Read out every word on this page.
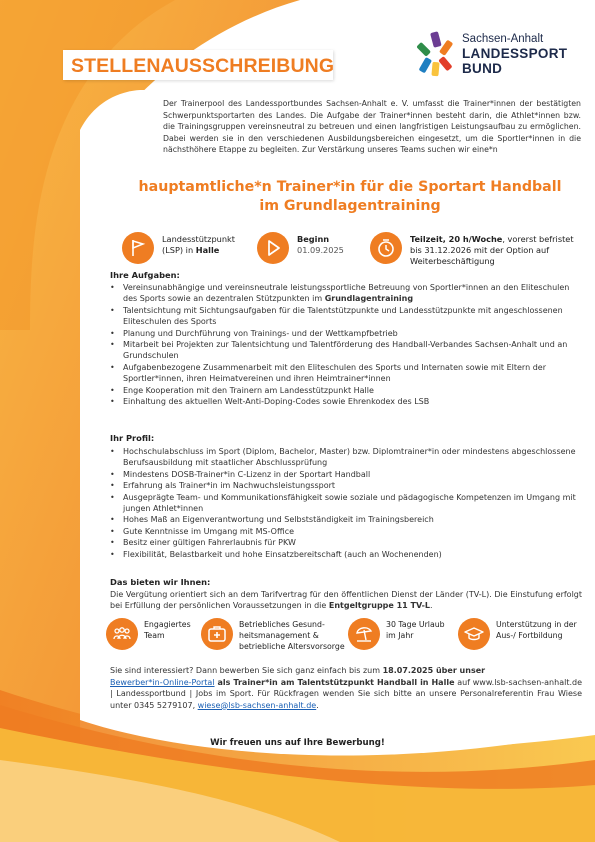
STELLENAUSSCHREIBUNG
Sachsen-Anhalt
LANDESSPORT
BUND
Der Trainerpool des Landessportbundes Sachsen-Anhalt e. V. umfasst die Trainer*innen der bestätigten Schwerpunktsportarten des Landes. Die Aufgabe der Trainer*innen besteht darin, die Athlet*innen bzw. die Trainingsgruppen vereinsneutral zu betreuen und einen langfristigen Leistungsaufbau zu ermöglichen. Dabei werden sie in den verschiedenen Ausbildungsbereichen eingesetzt, um die Sportler*innen in die nächsthöhere Etappe zu begleiten. Zur Verstärkung unseres Teams suchen wir eine*n
hauptamtliche*n Trainer*in für die Sportart Handball
im Grundlagentraining
Landesstützpunkt
(LSP) in Halle
Beginn
01.09.2025
Teilzeit, 20 h/Woche, vorerst befristet bis 31.12.2026 mit der Option auf Weiterbeschäftigung
Ihre Aufgaben:
• Vereinsunabhängige und vereinsneutrale leistungssportliche Betreuung von Sportler*innen an den Eliteschulen des Sports sowie an dezentralen Stützpunkten im Grundlagentraining
• Talentsichtung mit Sichtungsaufgaben für die Talentstützpunkte und Landesstützpunkte mit angeschlossenen Eliteschulen des Sports
• Planung und Durchführung von Trainings- und der Wettkampfbetrieb
• Mitarbeit bei Projekten zur Talentsichtung und Talentförderung des Handball-Verbandes Sachsen-Anhalt und an Grundschulen
• Aufgabenbezogene Zusammenarbeit mit den Eliteschulen des Sports und Internaten sowie mit Eltern der Sportler*innen, ihren Heimatvereinen und ihren Heimtrainer*innen
• Enge Kooperation mit den Trainern am Landesstützpunkt Halle
• Einhaltung des aktuellen Welt-Anti-Doping-Codes sowie Ehrenkodex des LSB
Ihr Profil:
• Hochschulabschluss im Sport (Diplom, Bachelor, Master) bzw. Diplomtrainer*in oder mindestens abgeschlossene Berufsausbildung mit staatlicher Abschlussprüfung
• Mindestens DOSB-Trainer*in C-Lizenz in der Sportart Handball
• Erfahrung als Trainer*in im Nachwuchsleistungssport
• Ausgeprägte Team- und Kommunikationsfähigkeit sowie soziale und pädagogische Kompetenzen im Umgang mit jungen Athlet*innen
• Hohes Maß an Eigenverantwortung und Selbstständigkeit im Trainingsbereich
• Gute Kenntnisse im Umgang mit MS-Office
• Besitz einer gültigen Fahrerlaubnis für PKW
• Flexibilität, Belastbarkeit und hohe Einsatzbereitschaft (auch an Wochenenden)
Das bieten wir Ihnen:
Die Vergütung orientiert sich an dem Tarifvertrag für den öffentlichen Dienst der Länder (TV-L). Die Einstufung erfolgt bei Erfüllung der persönlichen Voraussetzungen in die Entgeltgruppe 11 TV-L.
Engagiertes
Team
Betriebliches Gesund-
heitsmanagement &
betriebliche Altersvorsorge
30 Tage Urlaub
im Jahr
Unterstützung in der
Aus-/ Fortbildung
Sie sind interessiert? Dann bewerben Sie sich ganz einfach bis zum 18.07.2025 über unser
Bewerber*in-Online-Portal als Trainer*in am Talentstützpunkt Handball in Halle auf www.lsb-sachsen-anhalt.de | Landessportbund | Jobs im Sport. Für Rückfragen wenden Sie sich bitte an unsere Personalreferentin Frau Wiese unter 0345 5279107, wiese@lsb-sachsen-anhalt.de.
Wir freuen uns auf Ihre Bewerbung!
